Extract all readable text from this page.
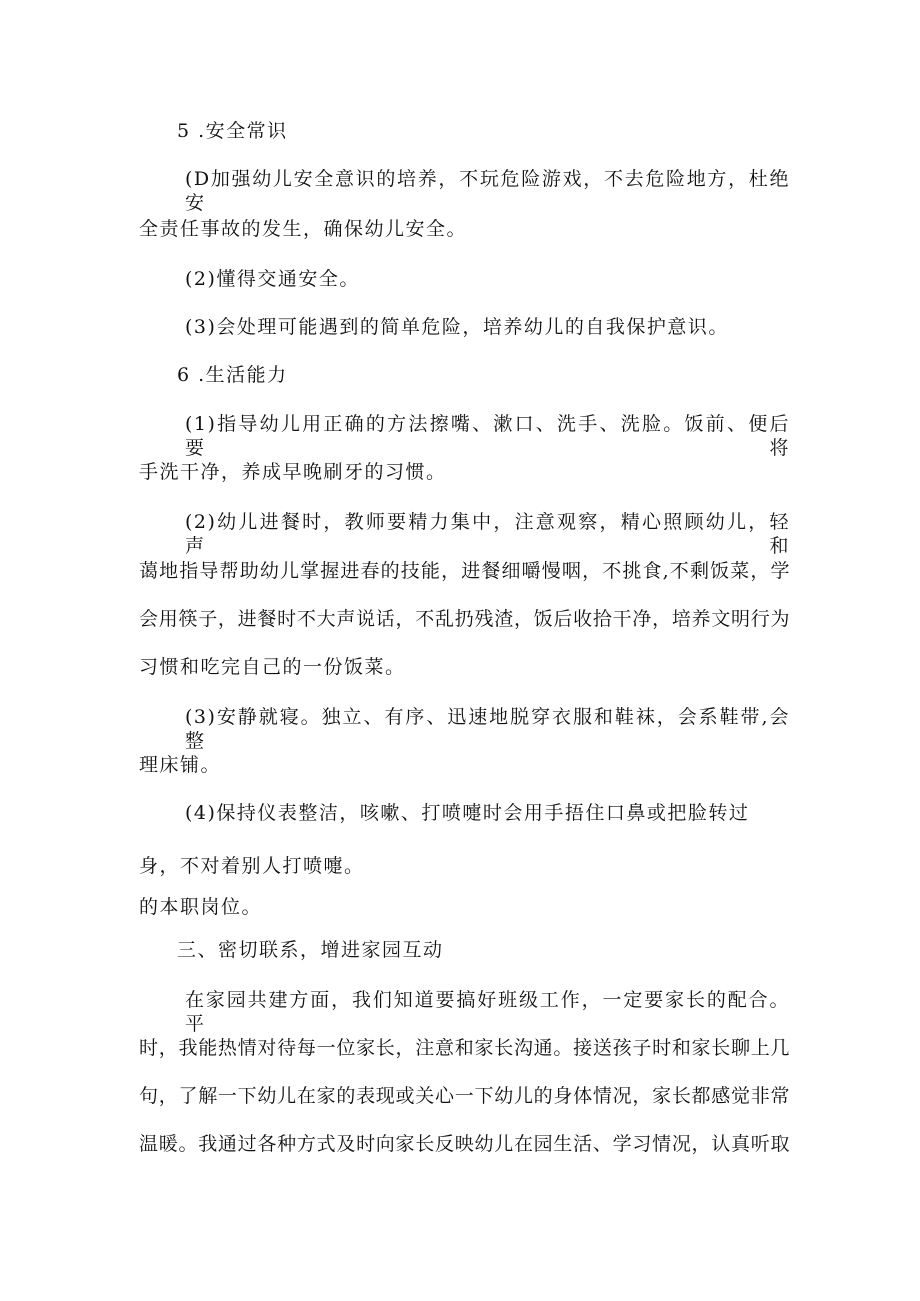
5 .安全常识

(D加强幼儿安全意识的培养，不玩危险游戏，不去危险地方，杜绝安

全责任事故的发生，确保幼儿安全。

(2)懂得交通安全。

(3)会处理可能遇到的简单危险，培养幼儿的自我保护意识。

6 .生活能力

(1)指导幼儿用正确的方法擦嘴、漱口、洗手、洗脸。饭前、便后要将

手洗干净，养成早晚刷牙的习惯。

(2)幼儿进餐时，教师要精力集中，注意观察，精心照顾幼儿，轻声和

蔼地指导帮助幼儿掌握进春的技能，进餐细嚼慢咽，不挑食,不剩饭菜，学

会用筷子，进餐时不大声说话，不乱扔残渣，饭后收拾干净，培养文明行为

习惯和吃完自己的一份饭菜。

(3)安静就寝。独立、有序、迅速地脱穿衣服和鞋袜，会系鞋带,会整

理床铺。

(4)保持仪表整洁，咳嗽、打喷嚏时会用手捂住口鼻或把脸转过

身，不对着别人打喷嚏。

的本职岗位。

三、密切联系，增进家园互动

在家园共建方面，我们知道要搞好班级工作，一定要家长的配合。平

时，我能热情对待每一位家长，注意和家长沟通。接送孩子时和家长聊上几

句，了解一下幼儿在家的表现或关心一下幼儿的身体情况，家长都感觉非常

温暖。我通过各种方式及时向家长反映幼儿在园生活、学习情况，认真听取
